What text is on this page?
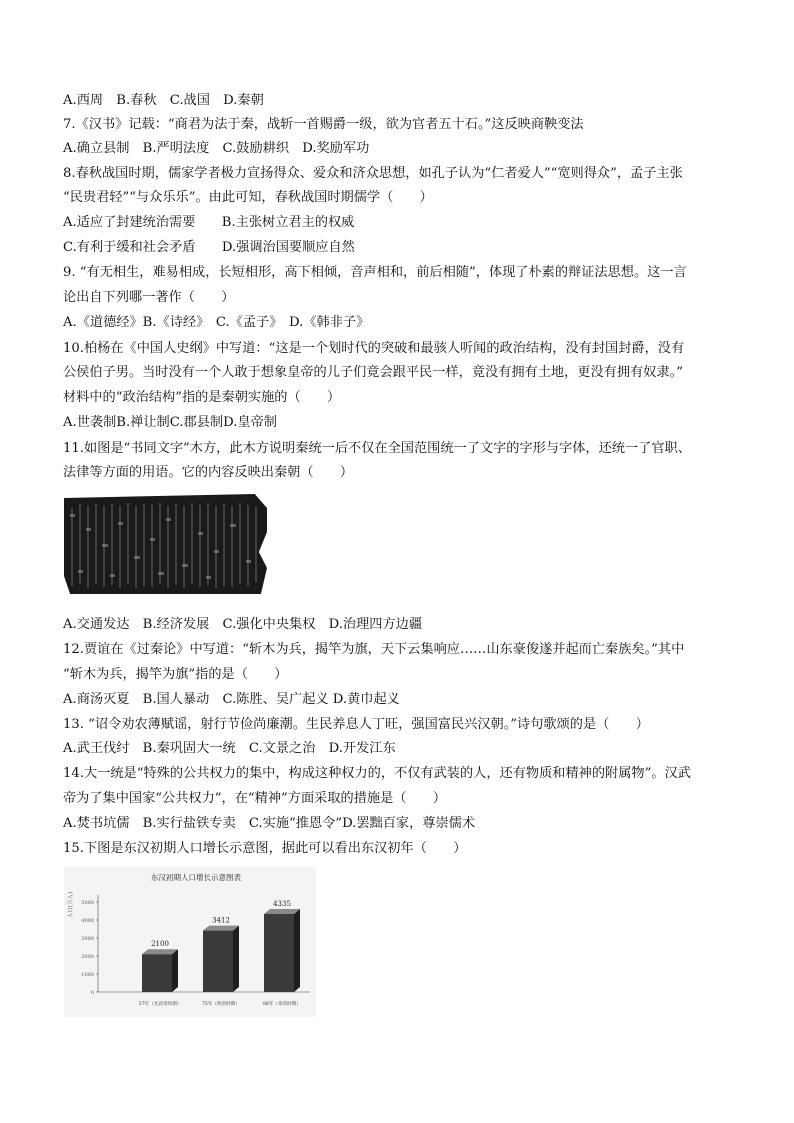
A.西周　B.春秋　C.战国　D.秦朝
7.《汉书》记载：“商君为法于秦，战斩一首赐爵一级，欲为官者五十石。”这反映商鞅变法
A.确立县制　B.严明法度　C.鼓励耕织　D.奖励军功
8.春秋战国时期，儒家学者极力宣扬得众、爱众和济众思想，如孔子认为“仁者爱人”“宽则得众”，孟子主张
“民贵君轻”“与众乐乐”。由此可知，春秋战国时期儒学（　　）
A.适应了封建统治需要　　B.主张树立君主的权威
C.有利于缓和社会矛盾　　D.强调治国要顺应自然
9. “有无相生，难易相成，长短相形，高下相倾，音声相和，前后相随”，体现了朴素的辩证法思想。这一言
论出自下列哪一著作（　　）
A.《道德经》B.《诗经》　C.《孟子》　D.《韩非子》
10.柏杨在《中国人史纲》中写道：“这是一个划时代的突破和最骇人听闻的政治结构，没有封国封爵，没有
公侯伯子男。当时没有一个人敢于想象皇帝的儿子们竟会跟平民一样，竟没有拥有土地，更没有拥有奴隶。”
材料中的“政治结构”指的是秦朝实施的（　　）
A.世袭制B.禅让制C.郡县制D.皇帝制
11.如图是“书同文字”木方，此木方说明秦统一后不仅在全国范围统一了文字的字形与字体，还统一了官职、
法律等方面的用语。它的内容反映出秦朝（　　）
A.交通发达　B.经济发展　C.强化中央集权　D.治理四方边疆
12.贾谊在《过秦论》中写道：“斩木为兵，揭竿为旗，天下云集响应……山东豪俊遂并起而亡秦族矣。”其中
“斩木为兵，揭竿为旗”指的是（　　）
A.商汤灭夏　B.国人暴动　C.陈胜、吴广起义 D.黄巾起义
13. “诏令劝农薄赋谣，射行节俭尚廉潮。生民养息人丁旺，强国富民兴汉朝。”诗句歌颂的是（　　）
A.武王伐纣　B.秦巩固大一统　C.文景之治　D.开发江东
14.大一统是“特殊的公共权力的集中，构成这种权力的，不仅有武装的人，还有物质和精神的附属物”。汉武
帝为了集中国家“公共权力”，在“精神”方面采取的措施是（　　）
A.焚书坑儒　B.实行盐铁专卖　C.实施“推恩令”D.罢黜百家，尊崇儒术
15.下图是东汉初期人口增长示意图，据此可以看出东汉初年（　　）
东汉初期人口增长示意图表
人口(万人) 5000
4000
3000
2000
1000
0
2100
57年（光武帝时期）
3412
75年（明帝时期）
4335
88年（章帝时期）
